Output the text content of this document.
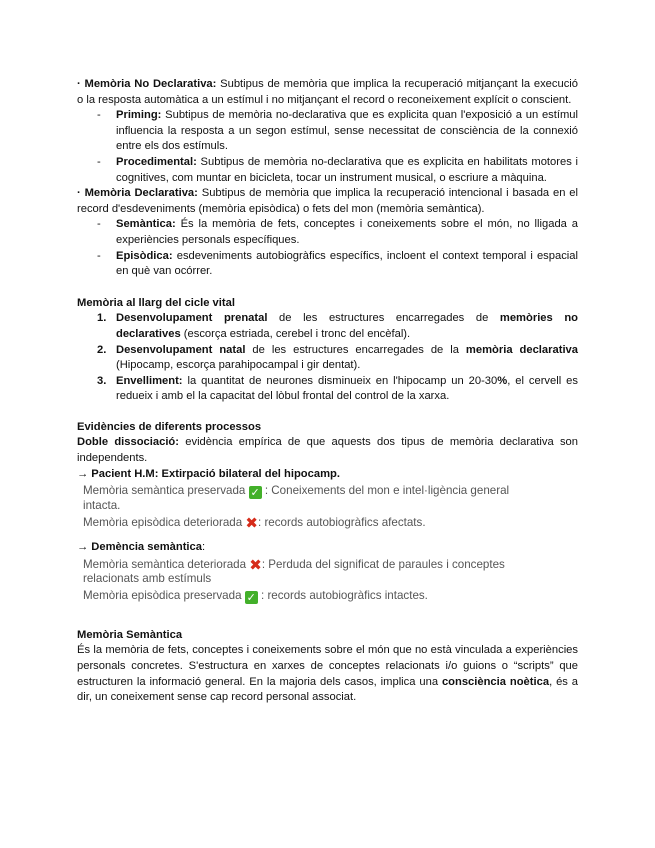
· Memòria No Declarativa: Subtipus de memòria que implica la recuperació mitjançant la execució o la resposta automàtica a un estímul i no mitjançant el record o reconeixement explícit o conscient.

- Priming: Subtipus de memòria no-declarativa que es explicita quan l'exposició a un estímul influencia la resposta a un segon estímul, sense necessitat de consciència de la connexió entre els dos estímuls.
- Procedimental: Subtipus de memòria no-declarativa que es explicita en habilitats motores i cognitives, com muntar en bicicleta, tocar un instrument musical, o escriure a màquina.

· Memòria Declarativa: Subtipus de memòria que implica la recuperació intencional i basada en el record d'esdeveniments (memòria episòdica) o fets del mon (memòria semàntica).

- Semàntica: És la memòria de fets, conceptes i coneixements sobre el món, no lligada a experiències personals específiques.
- Episòdica: esdeveniments autobiogràfics específics, incloent el context temporal i espacial en què van ocórrer.

Memòria al llarg del cicle vital

1. Desenvolupament prenatal de les estructures encarregades de memòries no declaratives (escorça estriada, cerebel i tronc del encèfal).
2. Desenvolupament natal de les estructures encarregades de la memòria declarativa (Hipocamp, escorça parahipocampal i gir dentat).
3. Envelliment: la quantitat de neurones disminueix en l'hipocamp un 20-30%, el cervell es redueix i amb el la capacitat del lòbul frontal del control de la xarxa.

Evidències de diferents processos

Doble dissociació: evidència empírica de que aquests dos tipus de memòria declarativa son independents.

→ Pacient H.M: Extirpació bilateral del hipocamp.

Memòria semàntica preservada ✓ : Coneixements del mon e intel·ligència general intacta.
Memòria episòdica deteriorada ✖: records autobiogràfics afectats.

→ Demència semàntica:

Memòria semàntica deteriorada ✖: Perduda del significat de paraules i conceptes relacionats amb estímuls
Memòria episòdica preservada ✓ : records autobiogràfics intactes.

Memòria Semàntica

És la memòria de fets, conceptes i coneixements sobre el món que no està vinculada a experiències personals concretes. S'estructura en xarxes de conceptes relacionats i/o guions o “scripts” que estructuren la informació general. En la majoria dels casos, implica una consciència noètica, és a dir, un coneixement sense cap record personal associat.
